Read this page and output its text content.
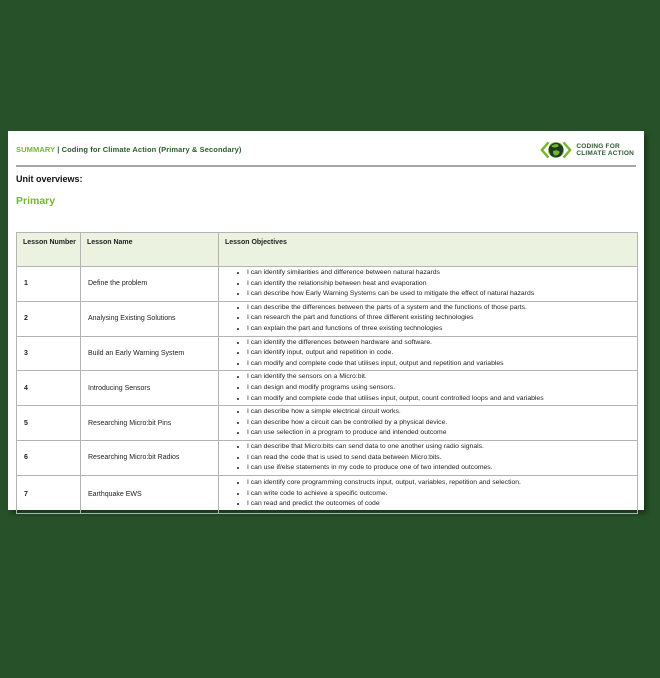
SUMMARY | Coding for Climate Action (Primary & Secondary)	CODING FOR
CLIMATE ACTION
Unit overviews:
Primary
Lesson Number	Lesson Name	Lesson Objectives
1	Define the problem	
• I can identify similarities and difference between natural hazards
• I can identify the relationship between heat and evaporation
• I can describe how Early Warning Systems can be used to mitigate the effect of natural hazards

2	Analysing Existing Solutions	
• I can describe the differences between the parts of a system and the functions of those parts.
• I can research the part and functions of three different existing technologies
• I can explain the part and functions of three existing technologies

3	Build an Early Warning System	
• I can identify the differences between hardware and software.
• I can identify input, output and repetition in code.
• I can modify and complete code that utilises input, output and repetition and variables

4	Introducing Sensors	
• I can identify the sensors on a Micro:bit.
• I can design and modify programs using sensors.
• I can modify and complete code that utilises input, output, count controlled loops and and variables

5	Researching Micro:bit Pins	
• I can describe how a simple electrical circuit works.
• I can describe how a circuit can be controlled by a physical device.
• I can use selection in a program to produce and intended outcome

6	Researching Micro:bit Radios	
• I can describe that Micro:bits can send data to one another using radio signals.
• I can read the code that is used to send data between Micro:bits.
• I can use if/else statements in my code to produce one of two intended outcomes.

7	Earthquake EWS	
• I can identify core programming constructs input, output, variables, repetition and selection.
• I can write code to achieve a specific outcome.
• I can read and predict the outcomes of code
